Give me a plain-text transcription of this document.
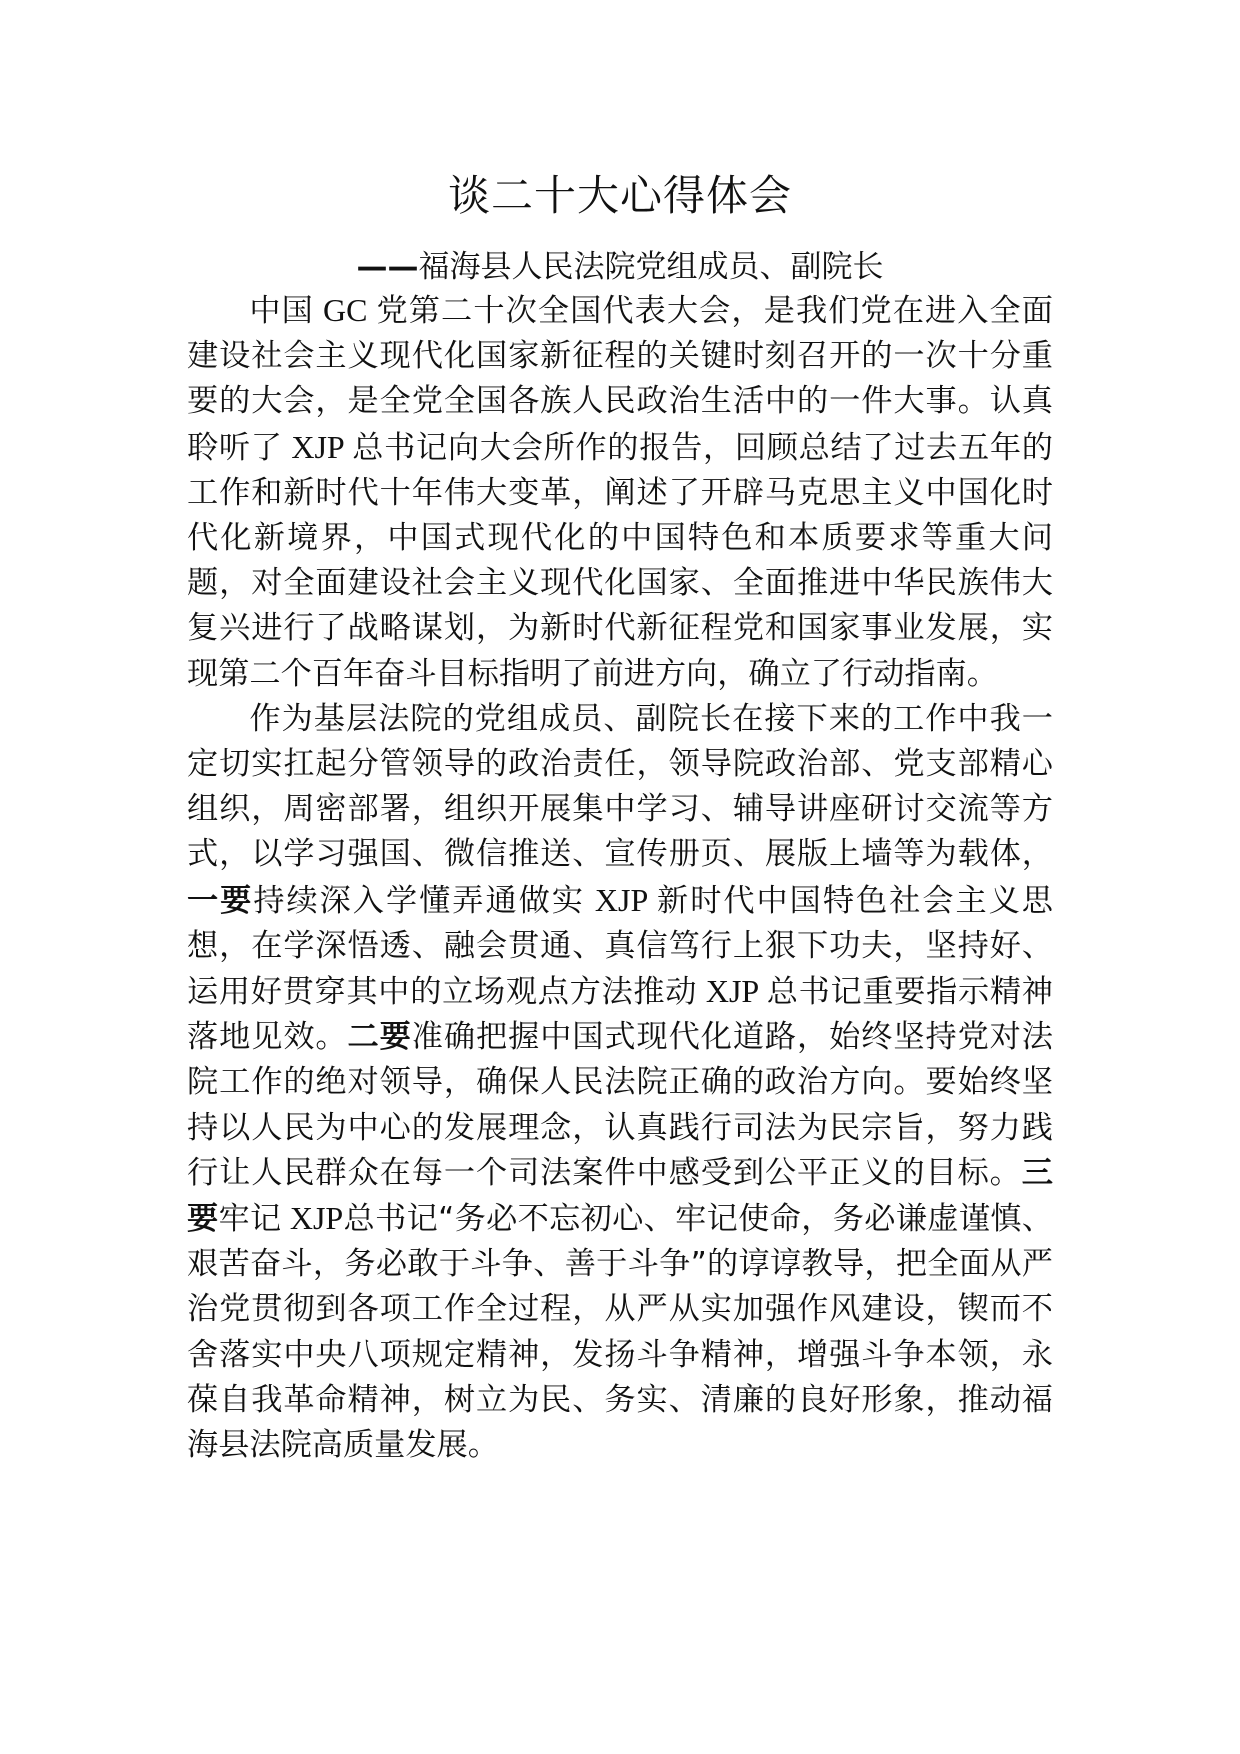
谈二十大心得体会
——福海县人民法院党组成员、副院长

中国 GC 党第二十次全国代表大会，是我们党在进入全面建设社会主义现代化国家新征程的关键时刻召开的一次十分重要的大会，是全党全国各族人民政治生活中的一件大事。认真聆听了 XJP 总书记向大会所作的报告，回顾总结了过去五年的工作和新时代十年伟大变革，阐述了开辟马克思主义中国化时代化新境界，中国式现代化的中国特色和本质要求等重大问题，对全面建设社会主义现代化国家、全面推进中华民族伟大复兴进行了战略谋划，为新时代新征程党和国家事业发展，实现第二个百年奋斗目标指明了前进方向，确立了行动指南。

作为基层法院的党组成员、副院长在接下来的工作中我一定切实扛起分管领导的政治责任，领导院政治部、党支部精心组织，周密部署，组织开展集中学习、辅导讲座研讨交流等方式，以学习强国、微信推送、宣传册页、展版上墙等为载体，一要持续深入学懂弄通做实 XJP 新时代中国特色社会主义思想，在学深悟透、融会贯通、真信笃行上狠下功夫，坚持好、运用好贯穿其中的立场观点方法推动 XJP 总书记重要指示精神落地见效。二要准确把握中国式现代化道路，始终坚持党对法院工作的绝对领导，确保人民法院正确的政治方向。要始终坚持以人民为中心的发展理念，认真践行司法为民宗旨，努力践行让人民群众在每一个司法案件中感受到公平正义的目标。三要牢记 XJP总书记“务必不忘初心、牢记使命，务必谦虚谨慎、艰苦奋斗，务必敢于斗争、善于斗争”的谆谆教导，把全面从严治党贯彻到各项工作全过程，从严从实加强作风建设，锲而不舍落实中央八项规定精神，发扬斗争精神，增强斗争本领，永葆自我革命精神，树立为民、务实、清廉的良好形象，推动福海县法院高质量发展。
